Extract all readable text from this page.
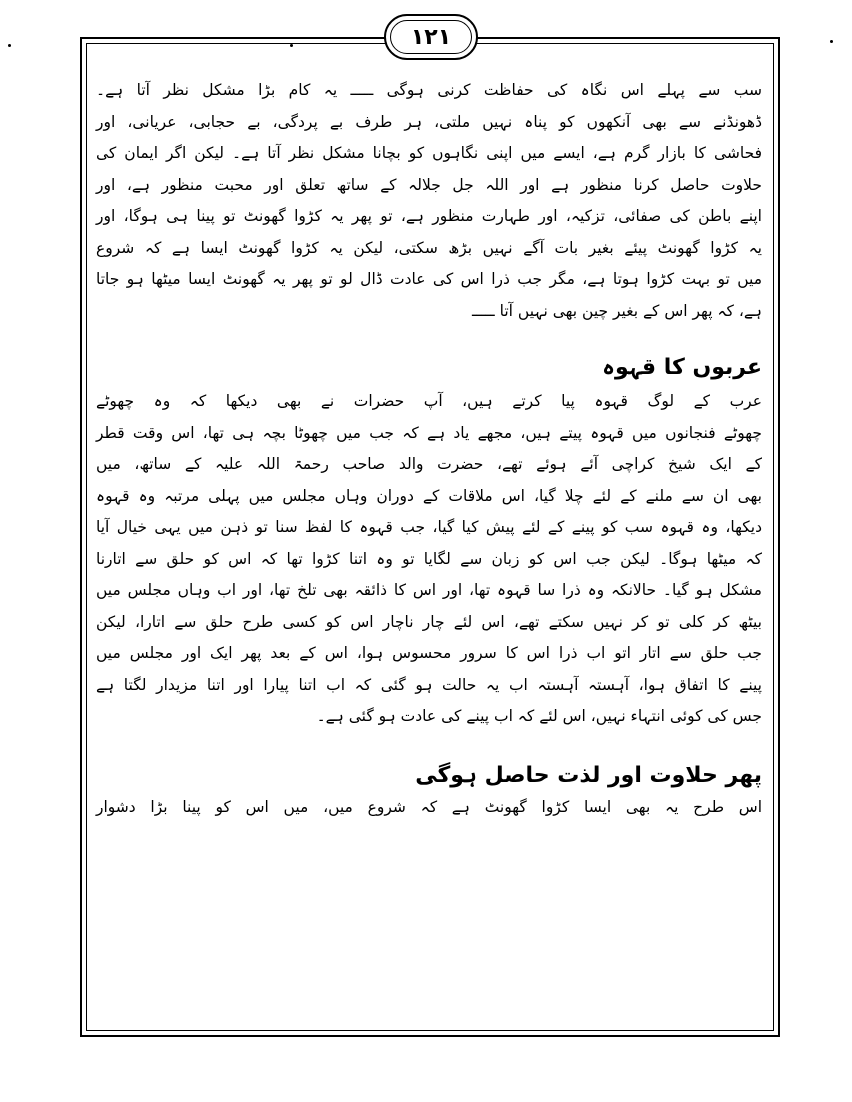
١٢١

سب سے پہلے اس نگاہ کی حفاظت کرنی ہوگی ـــــ یہ کام بڑا مشکل نظر آتا ہے۔
ڈھونڈنے سے بھی آنکھوں کو پناہ نہیں ملتی، ہر طرف بے پردگی، بے حجابی، عریانی، اور
فحاشی کا بازار گرم ہے، ایسے میں اپنی نگاہوں کو بچانا مشکل نظر آتا ہے۔ لیکن اگر ایمان کی
حلاوت حاصل کرنا منظور ہے اور اللہ جل جلالہ کے ساتھ تعلق اور محبت منظور ہے، اور
اپنے باطن کی صفائی، تزکیہ، اور طہارت منظور ہے، تو پھر یہ کڑوا گھونٹ تو پینا ہی ہوگا، اور
یہ کڑوا گھونٹ پیئے بغیر بات آگے نہیں بڑھ سکتی، لیکن یہ کڑوا گھونٹ ایسا ہے کہ شروع
میں تو بہت کڑوا ہوتا ہے، مگر جب ذرا اس کی عادت ڈال لو تو پھر یہ گھونٹ ایسا میٹھا ہو جاتا
ہے، کہ پھر اس کے بغیر چین بھی نہیں آتا ـــــ

عربوں کا قہوہ

عرب کے لوگ قہوہ پیا کرتے ہیں، آپ حضرات نے بھی دیکھا کہ وہ چھوٹے
چھوٹے فنجانوں میں قہوہ پیتے ہیں، مجھے یاد ہے کہ جب میں چھوٹا بچہ ہی تھا، اس وقت قطر
کے ایک شیخ کراچی آئے ہوئے تھے، حضرت والد صاحب رحمۃ اللہ علیہ کے ساتھ، میں
بھی ان سے ملنے کے لئے چلا گیا، اس ملاقات کے دوران وہاں مجلس میں پہلی مرتبہ وہ قہوہ
دیکھا، وہ قہوہ سب کو پینے کے لئے پیش کیا گیا، جب قہوہ کا لفظ سنا تو ذہن میں یہی خیال آیا
کہ میٹھا ہوگا۔ لیکن جب اس کو زبان سے لگایا تو وہ اتنا کڑوا تھا کہ اس کو حلق سے اتارنا
مشکل ہو گیا۔ حالانکہ وہ ذرا سا قہوہ تھا، اور اس کا ذائقہ بھی تلخ تھا، اور اب وہاں مجلس میں
بیٹھ کر کلی تو کر نہیں سکتے تھے، اس لئے چار ناچار اس کو کسی طرح حلق سے اتارا، لیکن
جب حلق سے اتار اتو اب ذرا اس کا سرور محسوس ہوا، اس کے بعد پھر ایک اور مجلس میں
پینے کا اتفاق ہوا، آہستہ آہستہ اب یہ حالت ہو گئی کہ اب اتنا پیارا اور اتنا مزیدار لگتا ہے
جس کی کوئی انتہاء نہیں، اس لئے کہ اب پینے کی عادت ہو گئی ہے۔

پھر حلاوت اور لذت حاصل ہوگی

اس طرح یہ بھی ایسا کڑوا گھونٹ ہے کہ شروع میں، میں اس کو پینا بڑا دشوار
